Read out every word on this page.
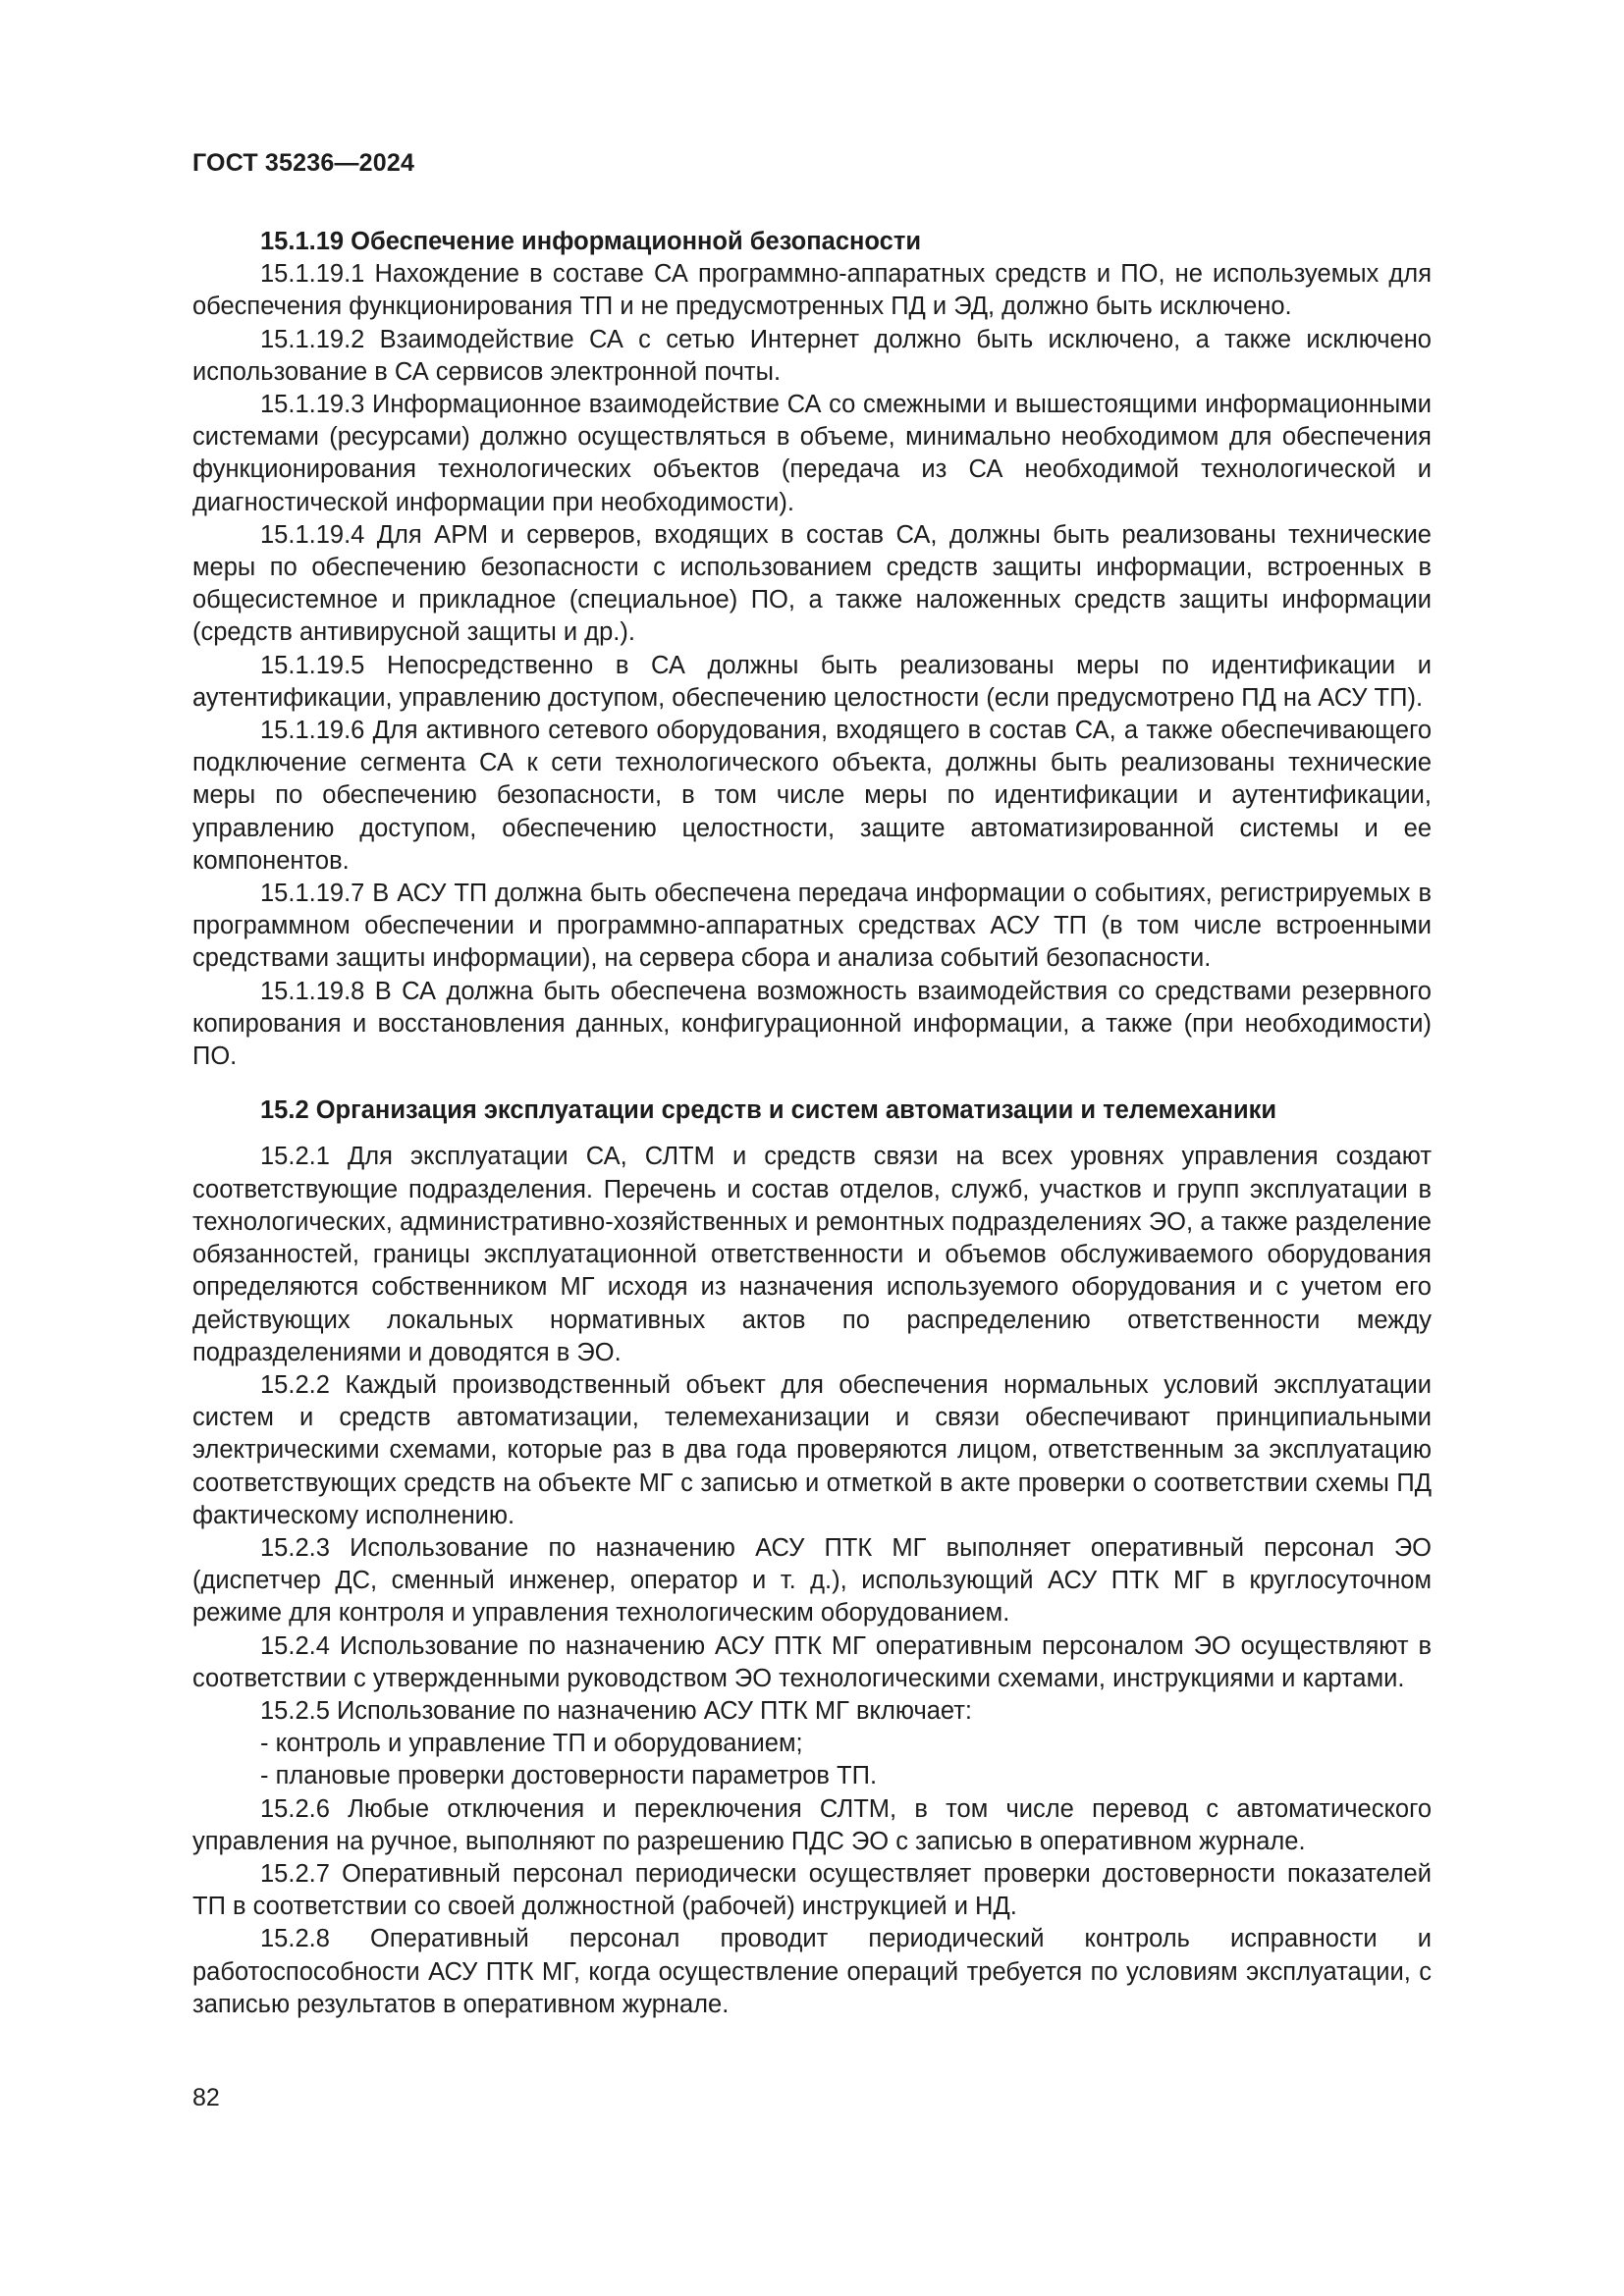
ГОСТ 35236—2024
15.1.19 Обеспечение информационной безопасности

15.1.19.1 Нахождение в составе СА программно-аппаратных средств и ПО, не используемых для обеспечения функционирования ТП и не предусмотренных ПД и ЭД, должно быть исключено.

15.1.19.2 Взаимодействие СА с сетью Интернет должно быть исключено, а также исключено использование в СА сервисов электронной почты.

15.1.19.3 Информационное взаимодействие СА со смежными и вышестоящими информационными системами (ресурсами) должно осуществляться в объеме, минимально необходимом для обеспечения функционирования технологических объектов (передача из СА необходимой технологической и диагностической информации при необходимости).

15.1.19.4 Для АРМ и серверов, входящих в состав СА, должны быть реализованы технические меры по обеспечению безопасности с использованием средств защиты информации, встроенных в общесистемное и прикладное (специальное) ПО, а также наложенных средств защиты информации (средств антивирусной защиты и др.).

15.1.19.5 Непосредственно в СА должны быть реализованы меры по идентификации и аутентификации, управлению доступом, обеспечению целостности (если предусмотрено ПД на АСУ ТП).

15.1.19.6 Для активного сетевого оборудования, входящего в состав СА, а также обеспечивающего подключение сегмента СА к сети технологического объекта, должны быть реализованы технические меры по обеспечению безопасности, в том числе меры по идентификации и аутентификации, управлению доступом, обеспечению целостности, защите автоматизированной системы и ее компонентов.

15.1.19.7 В АСУ ТП должна быть обеспечена передача информации о событиях, регистрируемых в программном обеспечении и программно-аппаратных средствах АСУ ТП (в том числе встроенными средствами защиты информации), на сервера сбора и анализа событий безопасности.

15.1.19.8 В СА должна быть обеспечена возможность взаимодействия со средствами резервного копирования и восстановления данных, конфигурационной информации, а также (при необходимости) ПО.

15.2 Организация эксплуатации средств и систем автоматизации и телемеханики

15.2.1 Для эксплуатации СА, СЛТМ и средств связи на всех уровнях управления создают соответствующие подразделения. Перечень и состав отделов, служб, участков и групп эксплуатации в технологических, административно-хозяйственных и ремонтных подразделениях ЭО, а также разделение обязанностей, границы эксплуатационной ответственности и объемов обслуживаемого оборудования определяются собственником МГ исходя из назначения используемого оборудования и с учетом его действующих локальных нормативных актов по распределению ответственности между подразделениями и доводятся в ЭО.

15.2.2 Каждый производственный объект для обеспечения нормальных условий эксплуатации систем и средств автоматизации, телемеханизации и связи обеспечивают принципиальными электрическими схемами, которые раз в два года проверяются лицом, ответственным за эксплуатацию соответствующих средств на объекте МГ с записью и отметкой в акте проверки о соответствии схемы ПД фактическому исполнению.

15.2.3 Использование по назначению АСУ ПТК МГ выполняет оперативный персонал ЭО (диспетчер ДС, сменный инженер, оператор и т. д.), использующий АСУ ПТК МГ в круглосуточном режиме для контроля и управления технологическим оборудованием.

15.2.4 Использование по назначению АСУ ПТК МГ оперативным персоналом ЭО осуществляют в соответствии с утвержденными руководством ЭО технологическими схемами, инструкциями и картами.

15.2.5 Использование по назначению АСУ ПТК МГ включает:

- контроль и управление ТП и оборудованием;

- плановые проверки достоверности параметров ТП.

15.2.6 Любые отключения и переключения СЛТМ, в том числе перевод с автоматического управления на ручное, выполняют по разрешению ПДС ЭО с записью в оперативном журнале.

15.2.7 Оперативный персонал периодически осуществляет проверки достоверности показателей ТП в соответствии со своей должностной (рабочей) инструкцией и НД.

15.2.8 Оперативный персонал проводит периодический контроль исправности и работоспособности АСУ ПТК МГ, когда осуществление операций требуется по условиям эксплуатации, с записью результатов в оперативном журнале.

82
